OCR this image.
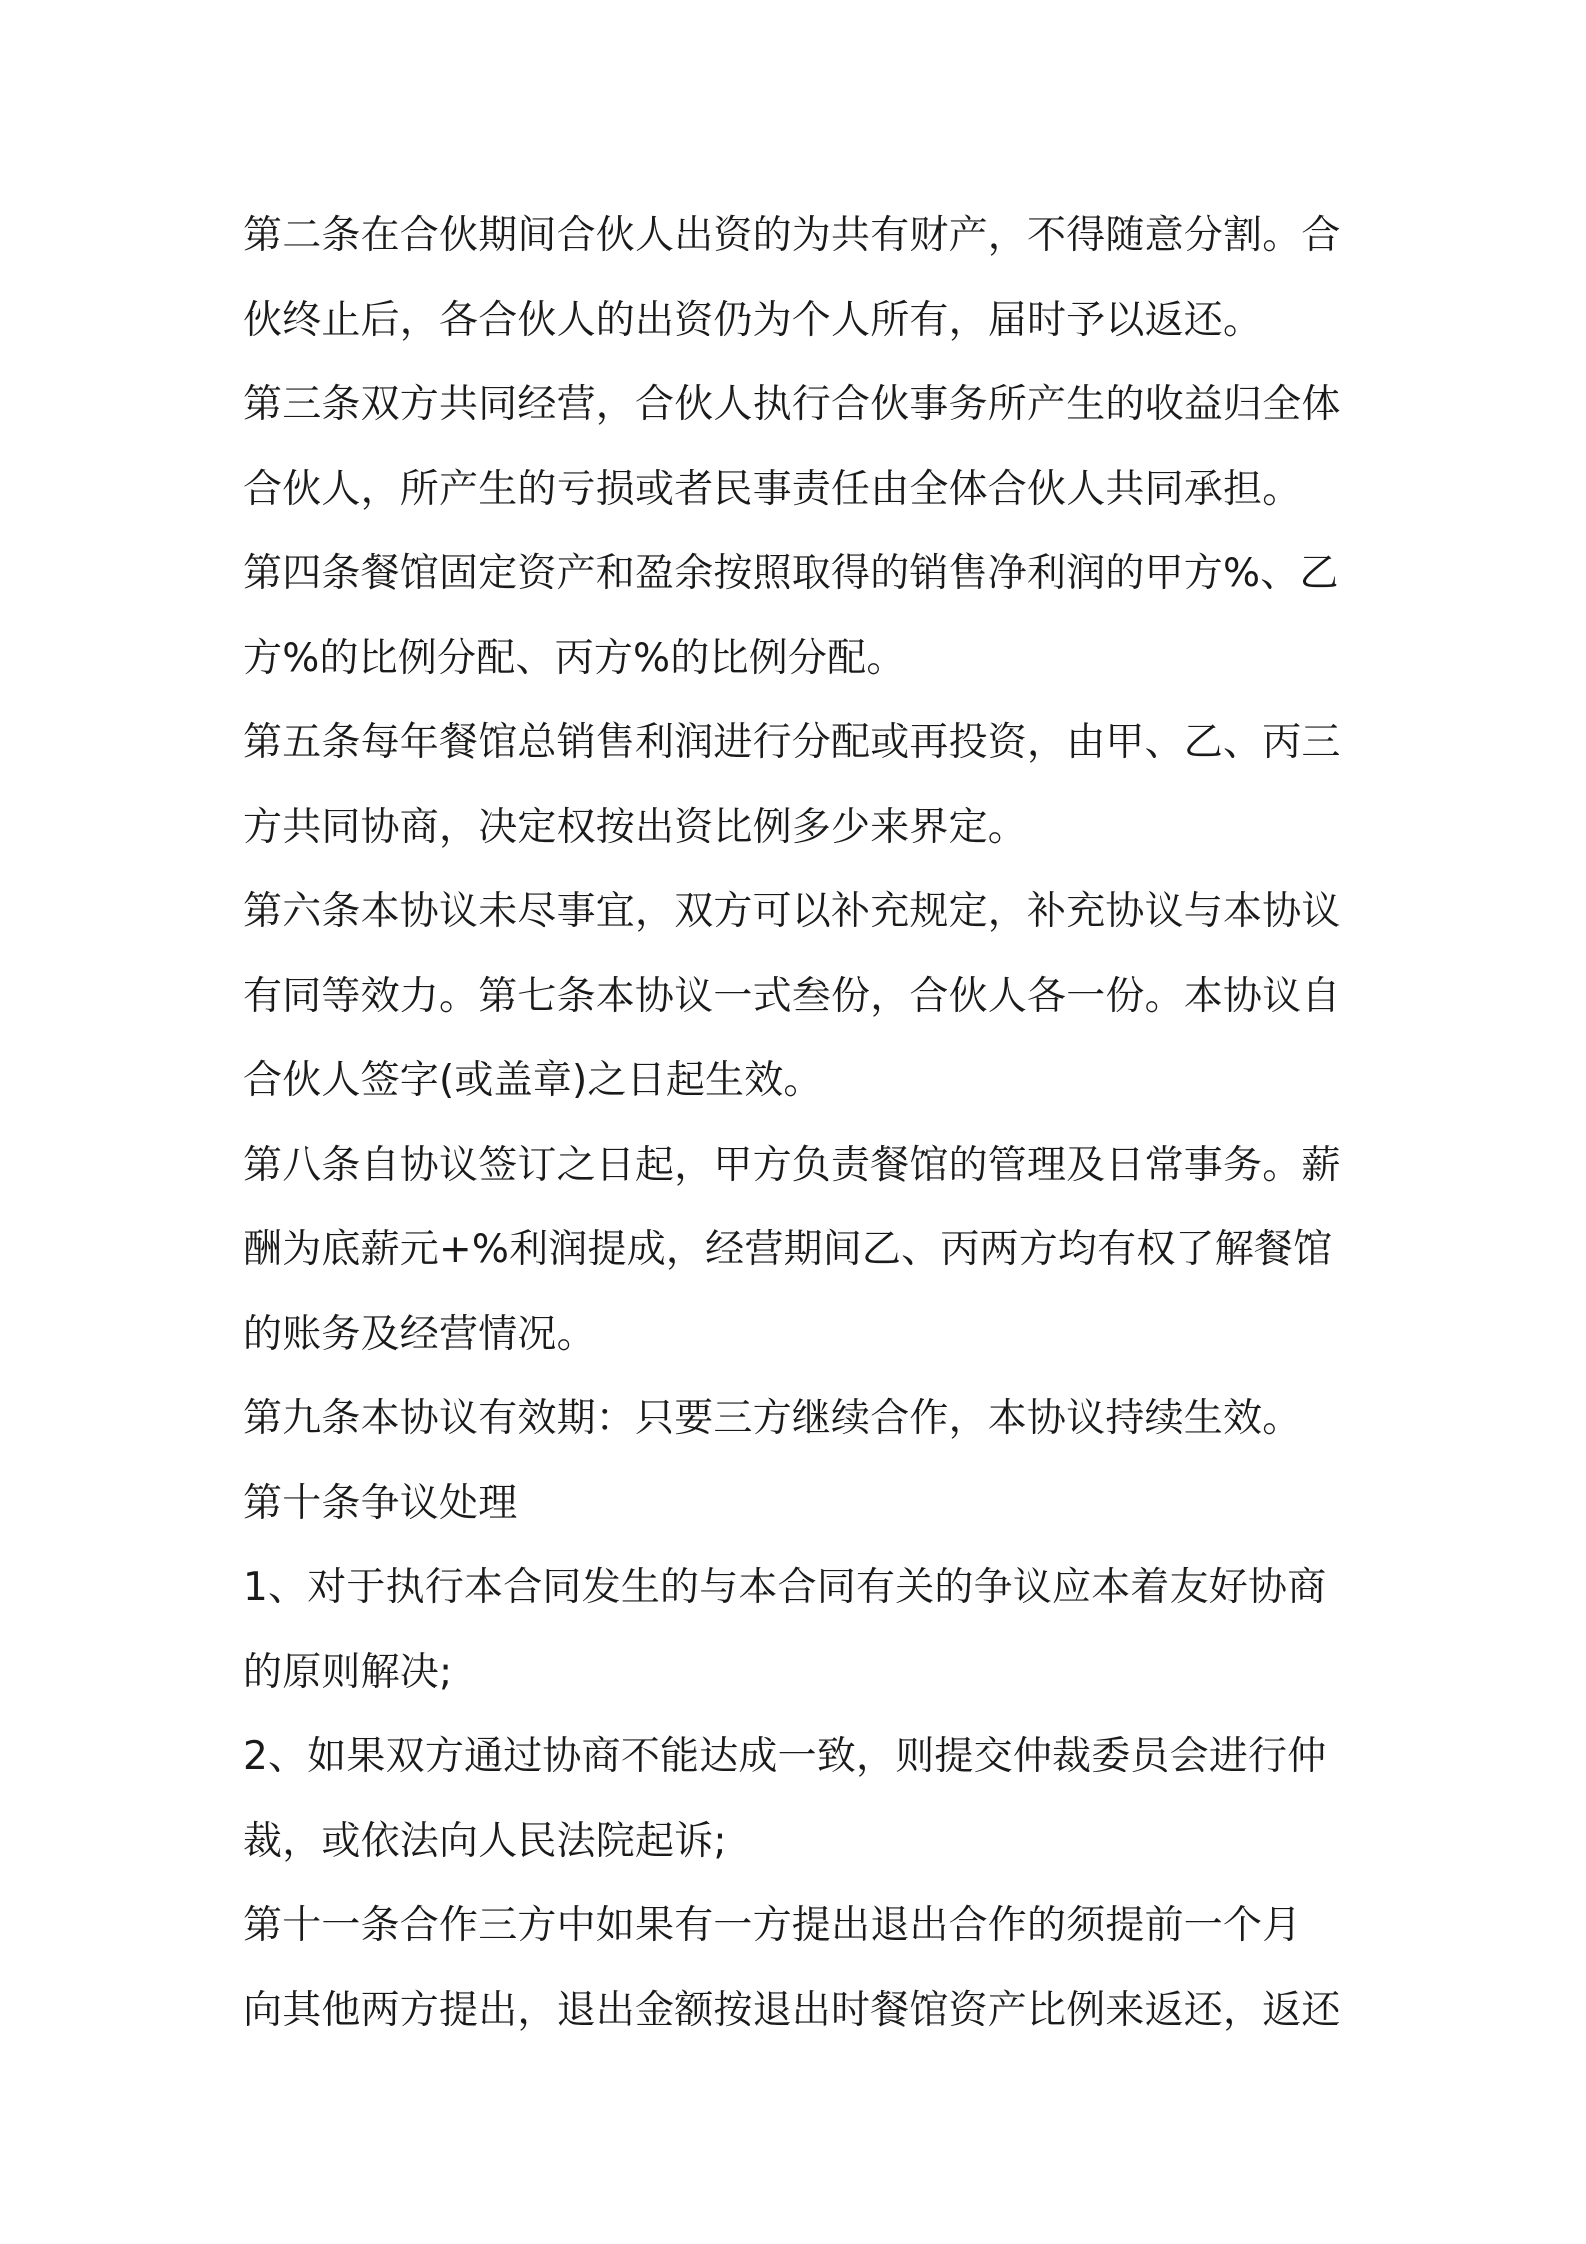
第二条在合伙期间合伙人出资的为共有财产，不得随意分割。合
伙终止后，各合伙人的出资仍为个人所有，届时予以返还。
第三条双方共同经营，合伙人执行合伙事务所产生的收益归全体
合伙人，所产生的亏损或者民事责任由全体合伙人共同承担。
第四条餐馆固定资产和盈余按照取得的销售净利润的甲方%、乙
方%的比例分配、丙方%的比例分配。
第五条每年餐馆总销售利润进行分配或再投资，由甲、乙、丙三
方共同协商，决定权按出资比例多少来界定。
第六条本协议未尽事宜，双方可以补充规定，补充协议与本协议
有同等效力。第七条本协议一式叁份，合伙人各一份。本协议自
合伙人签字(或盖章)之日起生效。
第八条自协议签订之日起，甲方负责餐馆的管理及日常事务。薪
酬为底薪元+%利润提成，经营期间乙、丙两方均有权了解餐馆
的账务及经营情况。
第九条本协议有效期：只要三方继续合作，本协议持续生效。
第十条争议处理
1、对于执行本合同发生的与本合同有关的争议应本着友好协商
的原则解决;
2、如果双方通过协商不能达成一致，则提交仲裁委员会进行仲
裁，或依法向人民法院起诉;
第十一条合作三方中如果有一方提出退出合作的须提前一个月
向其他两方提出，退出金额按退出时餐馆资产比例来返还，返还
